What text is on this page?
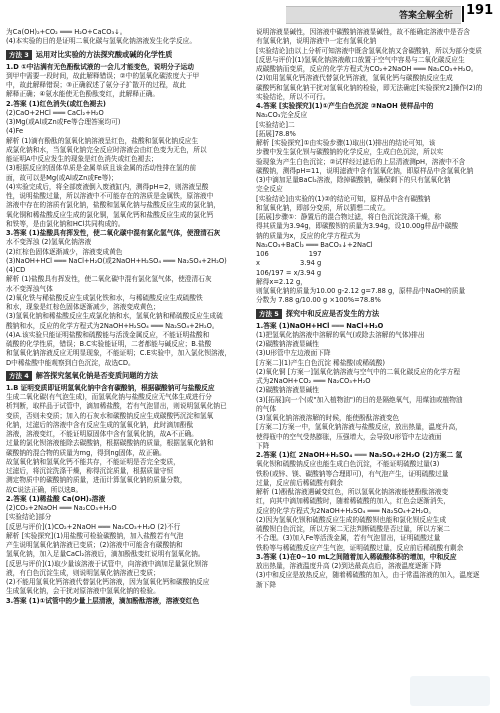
答案全解全析 191
为Ca(OH)₂+CO₂ ═══ H₂O+CaCO₃↓。
(4)本实验的目的是证明二氧化碳与氢氧化钠溶液发生化学反应。
方法 3 运用对比实验的方法探究酸或碱的化学性质
1.D ①中沾满有无色酚酞试液的一会儿才能变色，说明分子运动
到甲中需要一段时间，故此解释错误；②中的氢氧化碳浓度大于甲
中，故此解释错误；③正确叙述了氨分子扩散开的过程，故此
解释正确；④氨水能使无色酚酞变红，此解释正确。
2.答案 (1)红色消失(或红色褪去)
(2)CaO+2HCl ═══ CaCl₂+H₂O
(3)Mg(或Al或Zn或Fe等合理答案均可)
(4)Fe
解析 (1)滴有酚酞的氢氧化钠溶液呈红色，盐酸和氢氧化钠反应生
成氯化钠和水，当氢氧化钠完全反应时溶液会由红色变为无色，所以
能证明A中反应发生的现象是红色消失或红色褪去；
(3)根据反应的固体单质是金属单质且该金属的活动性排在氢的前
面，故可以是Mg(或Al或Zn或Fe等)；
(4)实验完成后，将全部废液倒入废液缸内，测得pH=2，则溶液呈酸
性，说明盐酸过量，所以溶液中不可能存在的溶质是金属铁，原溶液中
溶液中存在的溶质有氯化钠，盐酸和氢氧化钠与盐酸反应生成的氯化钠，
氧化铜和稀盐酸反应生成的氯化铜，氢氧化钙和盐酸反应生成的氯化钙
和铁等，是由氯化钠和HCl共同构成的。
3.答案 (1)盐酸具有挥发性，使二氧化碳中混有氯化氢气体，使澄清石灰
水不变浑浊 (2)氢氧化钠溶液
(2)红棕色固体逐渐减少，溶液变成黄色
(3)NaOH+HCl ═══ NaCl+H₂O(或2NaOH+H₂SO₄ ═══ Na₂SO₄+2H₂O)
(4)CD
解析 (1)盐酸具有挥发性，使二氧化碳中混有氯化氢气体，使澄清石灰
水不变浑浊气体
(2)氧化铁与稀盐酸反应生成氯化铁和水，与稀硫酸反应生成硫酸铁
和水，现象是红棕色固体逐渐减少，溶液变成黄色；
(3)氢氧化钠和稀盐酸反应生成氯化钠和水，氢氧化钠和稀硫酸反应生成硫
酸钠和水，反应的化学方程式为2NaOH+H₂SO₄ ═══ Na₂SO₄+2H₂O。
(4)A.该实验只能证明盐酸和硫酸能与活泼金属反应，不能证明盐酸和
硫酸的化学性质，错误；B.C实验能证明，二者都能与碱反应；B.盐酸
和氢氧化钠溶液反应无明显现象，不能证明；C.E实验中，加入氯化钡溶液，
D中稀盐酸中能观察到白色沉淀，故选CD。
方法 4 解答探究氢氧化钠是否变质问题的方法
1.B 证明变质即证明氢氧化钠中含有碳酸钠，根据碳酸钠可与盐酸反应
生成二氧化碳(有气泡生成)，而氢氧化钠与盐酸反应无气体生成进行分
析判断，取样品于试管中，滴加稀盐酸，若有气泡冒出，则说明氢氧化钠已
变质，否则未变质；加入的石灰水和碳酸钠反应生成碳酸钙沉淀和氢氧
化钠，过滤后的溶液中含有反应生成的氢氧化钠，此时滴加酚酞
溶液，溶液变红，不能证明原固体中含有氢氧化钠，故A不正确。
过量的氯化钡溶液能除去碳酸钠，根据碳酸钠的质量，根据氢氧化钠和
碳酸钠的混合物的质量为mg，得到ng固体，故正确。
故氢氧化钠和氢氧化钙不能共存，不能证明是否完全变质，
过滤后，将沉淀洗涤干燥，称得沉淀质量，根据质量守恒
测定物质中的碳酸钠的质量，进而计算氢氧化钠的质量分数，
故C说法正确，所以选B。
2.答案 (1)稀盐酸 Ca(OH)₂溶液
(2)CO₂+2NaOH ═══ Na₂CO₃+H₂O
[实验结论]部分
[反思与评价](1)CO₂+2NaOH ═══ Na₂CO₃+H₂O (2)不行
解析 [实验探究](1)用盐酸可检验碳酸钠，加入盐酸若有气泡
产生说明氢氧化钠溶液已变质；(2)溶液中可能含有碳酸钠和
氢氧化钠，加入足量CaCl₂溶液后，滴加酚酞变红说明有氢氧化钠。
[反思与评价](1)取少量该溶液于试管中，向溶液中滴加足量氯化钡溶
液，有白色沉淀生成，则说明氢氧化钠溶液已变质；
(2)不能用氢氧化钙溶液代替氯化钙溶液，因为氢氧化钙和碳酸钠反应
生成氢氧化钠，会干扰对原溶液中氢氧化钠的检验。
3.答案 (1)①试管中的少量上层清液，滴加酚酞溶液，溶液变红色
说明溶液显碱性，因溶液中碳酸钠溶液显碱性，故不能确定溶液中是否含
有氢氧化钠，说明溶液中一定有氢氧化钠
[实验结论]由以上分析可知溶液中既含氢氧化钠又含碳酸钠，所以为部分变质
[反思与评价](1)氢氧化钠溶液敞口放置于空气中容易与二氧化碳反应生
成碳酸钠而变质，反应的化学方程式为CO₂+2NaOH ═══ Na₂CO₃+H₂O。
(2)如用氢氧化钙溶液代替氯化钙溶液，氢氧化钙与碳酸钠反应生成
碳酸钙和氢氧化钠干扰对氢氧化钠的检验，即无法确定[实验探究2]操作(2)的
实验结论，所以不可行。
4.答案 [实验探究](1)①产生白色沉淀 ②NaOH 使样品中的
Na₂CO₃完全反应
[实验结论]二
[拓展]78.8%
解析 [实验探究]①由实验步骤(1)取出(1)排出的结论可知，该
步骤中发生氯化钡与碳酸钠的化学反应，生成白色沉淀，所以实
验现象为产生白色沉淀；②试样经过滤后的上层清液测pH，溶液中不含
碳酸钠，测得pH=11，说明滤液中含有氢氧化钠，即原样品中含氢氧化钠
(3)中滴加足量BaCl₂溶液，除掉碳酸钠，确保剩下的只有氢氧化钠
完全反应
[实验结论]由实验的(1)②的结论可知，原样品中含有碳酸钠
和氢氧化钠，即部分变质，所以猜想二成立。
[拓展]步骤①：静置后的混合物过滤，将白色沉淀洗涤干燥，称
得其质量为3.94g，即碳酸钡的质量为3.94g，设10.00g样品中碳酸
钠的质量为x，反应的化学方程式为
Na₂CO₃+BaCl₂ ═══ BaCO₃↓+2NaCl
106	197
x	3.94 g
106/197 = x/3.94 g
解得x=2.12 g，
则氢氧化钠的质量为10.00 g-2.12 g=7.88 g，原样品中NaOH的质量
分数为 7.88 g/10.00 g ×100%=78.8%
方法 5 探究中和反应是否发生的方法
1.答案 (1)NaOH+HCl ═══ NaCl+H₂O
(1)把氢氧化钠溶液中溶解的氧气(或除去溶解的气体)排出
(2)碳酸钠溶液显碱性
(3)U形管中左边液面下降
[方案二](1)产生白色沉淀 稀盐酸(或稀硫酸)
(2)氧化铜 [方案一]氢氧化钠溶液与空气中的二氧化碳反应的化学方程
式为2NaOH+CO₂ ═══ Na₂CO₃+H₂O
(2)碳酸钠溶液显碱性
(3)[拓展]向一个(或"加入植物油")的目的是隔绝氧气，用煤油或植物油
的气体
(3)氢氧化钠溶液溶解的时候，能使酚酞溶液变色
[方案二]方案一中，氢氧化钠溶液与盐酸反应，放出热量，温度升高，
使得瓶中的空气受热膨胀，压强增大，会导致U形管中左边液面
下降
2.答案 (1)红 2NaOH+H₂SO₄ ═══ Na₂SO₄+2H₂O (2)方案二 氢
氧化钡和硫酸钠反应也能生成白色沉淀，不能证明硫酸过量(3)
铁粉(或锌、镁、碳酸钠等合理即可)，有气泡产生，证明硫酸过量
过量，反应前后稀硫酸有剩余
解析 (1)酚酞溶液遇碱变红色，所以氢氧化钠溶液能使酚酞溶液变
红，向其中滴加稀硫酸时，随着稀硫酸的加入，红色会逐渐消失，
反应的化学方程式为2NaOH+H₂SO₄ ═══ Na₂SO₄+2H₂O。
(2)因为氢氧化钡和硫酸反应生成的硫酸钡也能和氯化钡反应生成
硫酸钡白色沉淀，所以方案二无法判断硫酸是否过量，所以方案二
不合理。(3)加入Fe等活泼金属，若有气泡冒出，证明硫酸过量
铁粉等与稀硫酸反应产生气泡，证明硫酸过量，反应前后稀硫酸有剩余
3.答案 (1)在0~10 mL之间随着加入稀硫酸体积的增加，中和反应
放出热量，溶液温度升高 (2)到达最高点后，溶液温度逐渐下降
(3)中和反应是放热反应，随着稀硫酸的加入，由于常温溶液的加入，温度逐
渐下降
